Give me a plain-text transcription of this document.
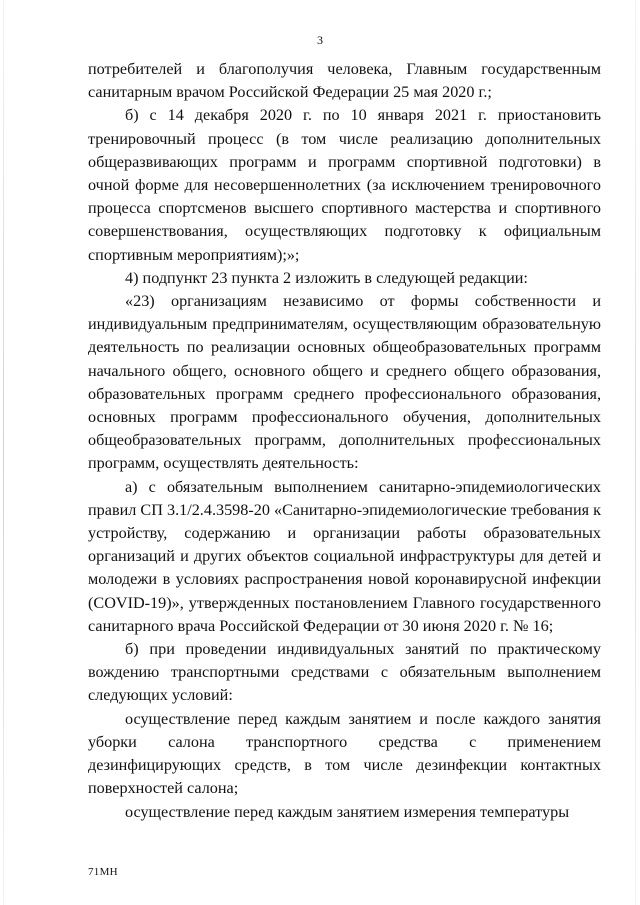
3

потребителей и благополучия человека, Главным государственным санитарным врачом Российской Федерации 25 мая 2020 г.;

б) с 14 декабря 2020 г. по 10 января 2021 г. приостановить тренировочный процесс (в том числе реализацию дополнительных общеразвивающих программ и программ спортивной подготовки) в очной форме для несовершеннолетних (за исключением тренировочного процесса спортсменов высшего спортивного мастерства и спортивного совершенствования, осуществляющих подготовку к официальным спортивным мероприятиям);»;

4) подпункт 23 пункта 2 изложить в следующей редакции:

«23) организациям независимо от формы собственности и индивидуальным предпринимателям, осуществляющим образовательную деятельность по реализации основных общеобразовательных программ начального общего, основного общего и среднего общего образования, образовательных программ среднего профессионального образования, основных программ профессионального обучения, дополнительных общеобразовательных программ, дополнительных профессиональных программ, осуществлять деятельность:

а) с обязательным выполнением санитарно-эпидемиологических правил СП 3.1/2.4.3598-20 «Санитарно-эпидемиологические требования к устройству, содержанию и организации работы образовательных организаций и других объектов социальной инфраструктуры для детей и молодежи в условиях распространения новой коронавирусной инфекции (COVID-19)», утвержденных постановлением Главного государственного санитарного врача Российской Федерации от 30 июня 2020 г. № 16;

б) при проведении индивидуальных занятий по практическому вождению транспортными средствами с обязательным выполнением следующих условий:

осуществление перед каждым занятием и после каждого занятия уборки салона транспортного средства с применением дезинфицирующих средств, в том числе дезинфекции контактных поверхностей салона;

осуществление перед каждым занятием измерения температуры

71МН
